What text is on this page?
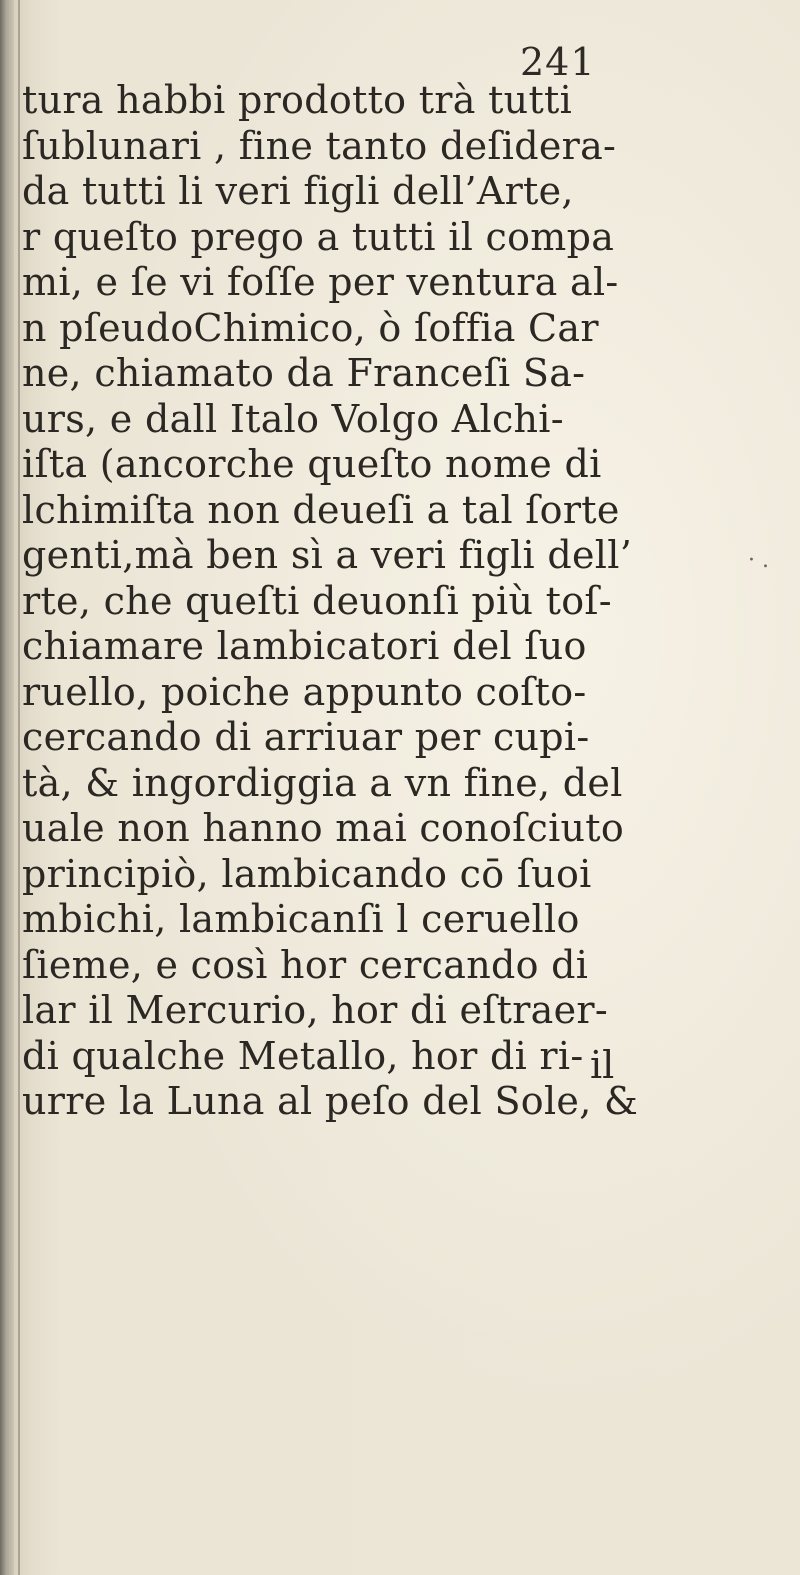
241
tura habbi prodotto trà tutti
ſublunari , fine tanto deſidera-
da tutti li veri figli dell’Arte,
r queſto prego a tutti il compa
mi, e ſe vi foſſe per ventura al-
n pſeudoChimico, ò ſoffia Car
ne, chiamato da Franceſi Sa-
urs, e dall Italo Volgo Alchi-
iſta (ancorche queſto nome di
lchimiſta non deueſi a tal ſorte
genti,mà ben sì a veri figli dell’
rte, che queſti deuonſi più toſ-
chiamare lambicatori del ſuo
ruello, poiche appunto coſto-
cercando di arriuar per cupi-
tà, & ingordiggia a vn fine, del
uale non hanno mai conoſciuto
principiò, lambicando cō ſuoi
mbichi, lambicanſi l ceruello
ſieme, e così hor cercando di
lar il Mercurio, hor di eſtraer-
di qualche Metallo, hor di ri-
urre la Luna al peſo del Sole, &
il
· .
